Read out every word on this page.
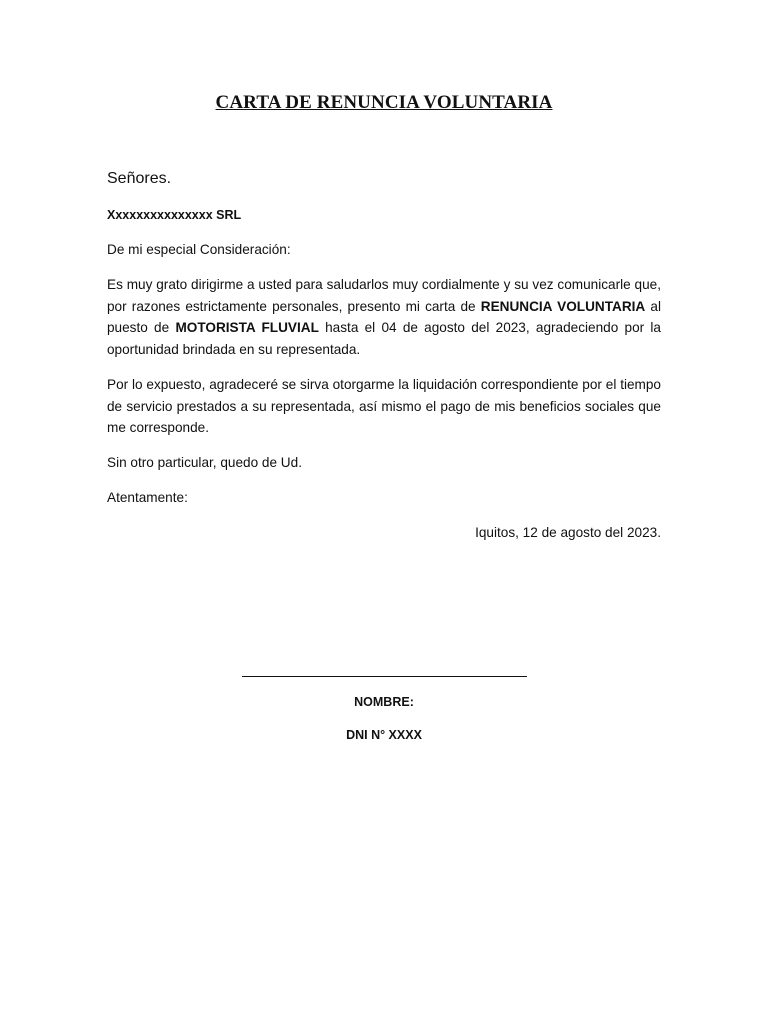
CARTA DE RENUNCIA VOLUNTARIA
Señores.
Xxxxxxxxxxxxxxx SRL
De mi especial Consideración:
Es muy grato dirigirme a usted para saludarlos muy cordialmente y su vez comunicarle que, por razones estrictamente personales, presento mi carta de RENUNCIA VOLUNTARIA al puesto de MOTORISTA FLUVIAL hasta el 04 de agosto del 2023, agradeciendo por la oportunidad brindada en su representada.
Por lo expuesto, agradeceré se sirva otorgarme la liquidación correspondiente por el tiempo de servicio prestados a su representada, así mismo el pago de mis beneficios sociales que me corresponde.
Sin otro particular, quedo de Ud.
Atentamente:
Iquitos, 12 de agosto del 2023.
NOMBRE:
DNI N° XXXX
